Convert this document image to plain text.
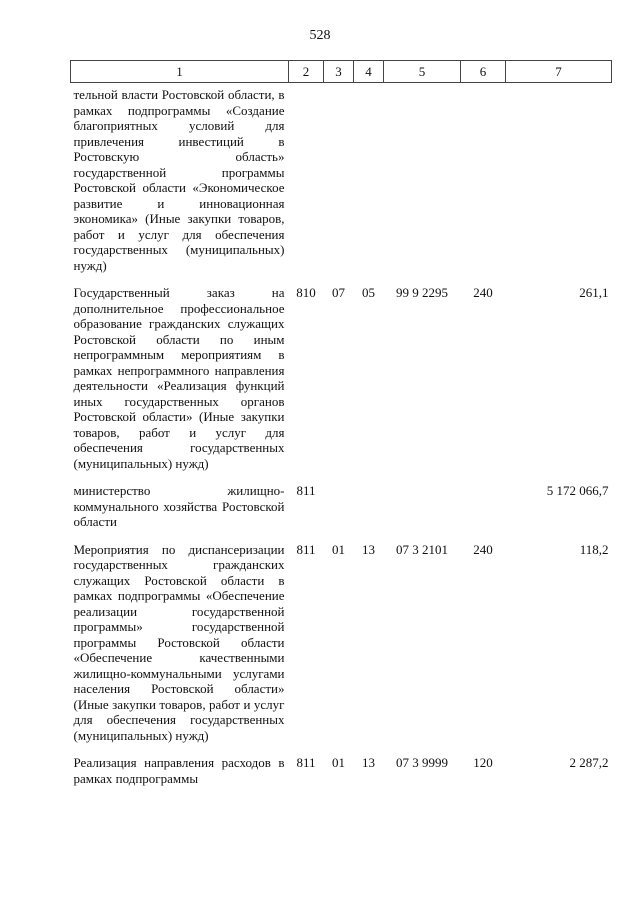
528
1	2	3	4	5	6	7
тельной власти Ростовской области, в рамках подпрограммы «Создание благоприятных условий для привлечения инвестиций в Ростовскую область» государственной программы Ростовской области «Экономическое развитие и инновационная экономика» (Иные закупки товаров, работ и услуг для обеспечения государственных (муниципальных) нужд)						
Государственный заказ на дополнительное профессиональное образование гражданских служащих Ростовской области по иным непрограммным мероприятиям в рамках непрограммного направления деятельности «Реализация функций иных государственных органов Ростовской области» (Иные закупки товаров, работ и услуг для обеспечения государственных (муниципальных) нужд)	810	07	05	99 9 2295	240	261,1
министерство жилищно-коммунального хозяйства Ростовской области	811					5 172 066,7
Мероприятия по диспансеризации государственных гражданских служащих Ростовской области в рамках подпрограммы «Обеспечение реализации государственной программы» государственной программы Ростовской области «Обеспечение качественными жилищно-коммунальными услугами населения Ростовской области» (Иные закупки товаров, работ и услуг для обеспечения государственных (муниципальных) нужд)	811	01	13	07 3 2101	240	118,2
Реализация направления расходов в рамках подпрограммы	811	01	13	07 3 9999	120	2 287,2
